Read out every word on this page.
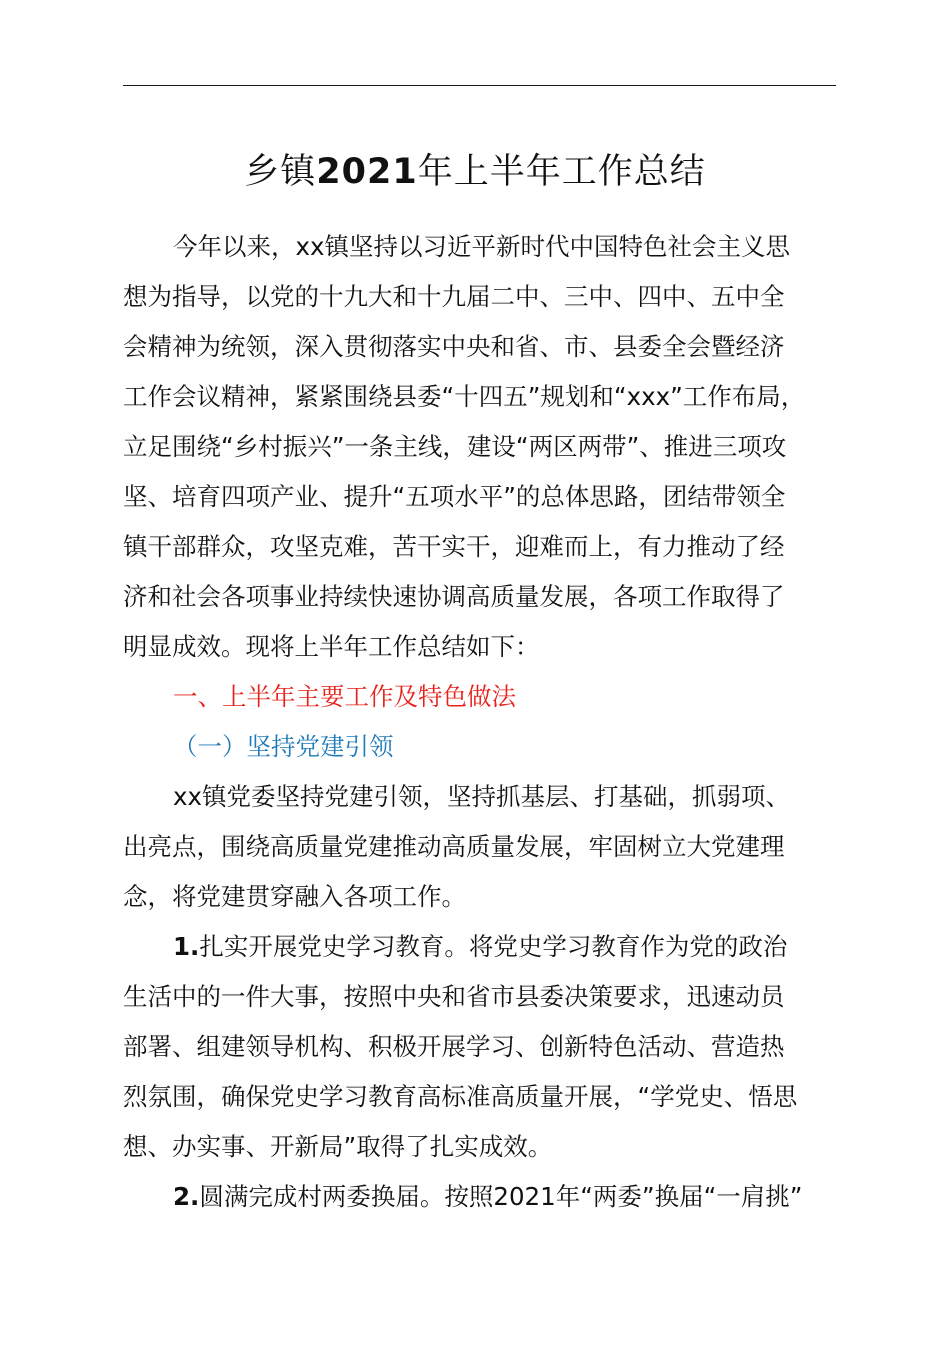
乡镇2021年上半年工作总结
今年以来，xx镇坚持以习近平新时代中国特色社会主义思
想为指导，以党的十九大和十九届二中、三中、四中、五中全
会精神为统领，深入贯彻落实中央和省、市、县委全会暨经济
工作会议精神，紧紧围绕县委“十四五”规划和“xxx”工作布局，
立足围绕“乡村振兴”一条主线，建设“两区两带”、推进三项攻
坚、培育四项产业、提升“五项水平”的总体思路，团结带领全
镇干部群众，攻坚克难，苦干实干，迎难而上，有力推动了经
济和社会各项事业持续快速协调高质量发展，各项工作取得了
明显成效。现将上半年工作总结如下：
一、上半年主要工作及特色做法
（一）坚持党建引领
xx镇党委坚持党建引领，坚持抓基层、打基础，抓弱项、
出亮点，围绕高质量党建推动高质量发展，牢固树立大党建理
念，将党建贯穿融入各项工作。
1.扎实开展党史学习教育。将党史学习教育作为党的政治
生活中的一件大事，按照中央和省市县委决策要求，迅速动员
部署、组建领导机构、积极开展学习、创新特色活动、营造热
烈氛围，确保党史学习教育高标准高质量开展，“学党史、悟思
想、办实事、开新局”取得了扎实成效。
2.圆满完成村两委换届。按照2021年“两委”换届“一肩挑”
